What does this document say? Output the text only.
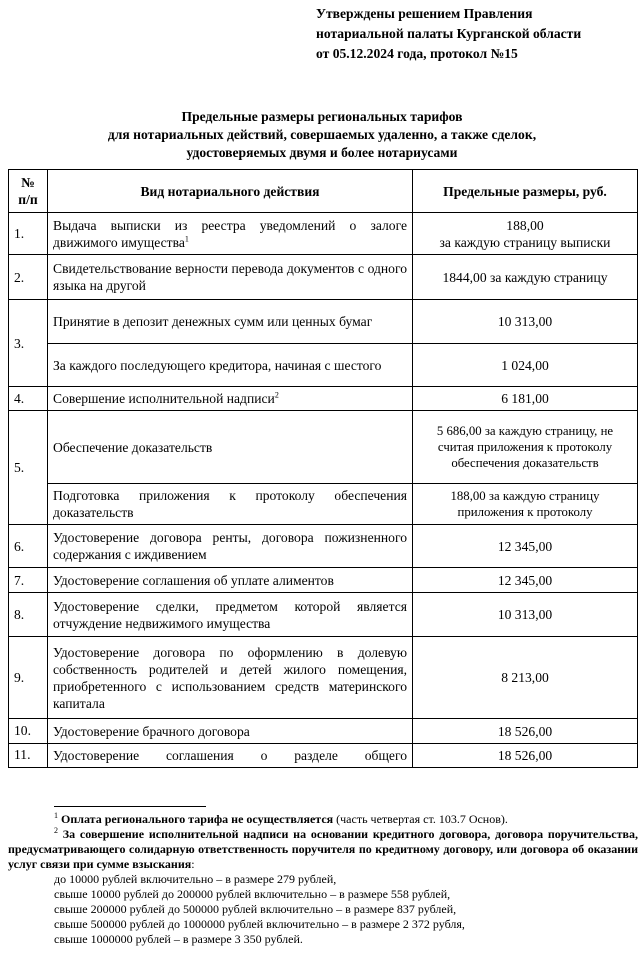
Утверждены решением Правления
нотариальной палаты Курганской области
от 05.12.2024 года, протокол №15
Предельные размеры региональных тарифов
для нотариальных действий, совершаемых удаленно, а также сделок,
удостоверяемых двумя и более нотариусами
№
п/п	Вид нотариального действия	Предельные размеры, руб.
1.	Выдача выписки из реестра уведомлений о залоге движимого имущества$^1$	188,00
за каждую страницу выписки
2.	Свидетельствование верности перевода документов с одного языка на другой	1844,00 за каждую страницу
3.	Принятие в депозит денежных сумм или ценных бумаг	10 313,00
	За каждого последующего кредитора, начиная с шестого	1 024,00
4.	Совершение исполнительной надписи$^2$	6 181,00
5.	Обеспечение доказательств	5 686,00 за каждую страницу, не считая приложения к протоколу обеспечения доказательств
	Подготовка приложения к протоколу обеспечения доказательств	188,00 за каждую страницу приложения к протоколу
6.	Удостоверение договора ренты, договора пожизненного содержания с иждивением	12 345,00
7.	Удостоверение соглашения об уплате алиментов	12 345,00
8.	Удостоверение сделки, предметом которой является отчуждение недвижимого имущества	10 313,00
9.	Удостоверение договора по оформлению в долевую собственность родителей и детей жилого помещения, приобретенного с использованием средств материнского капитала	8 213,00
10.	Удостоверение брачного договора	18 526,00
11.	Удостоверение соглашения о разделе общего	18 526,00
$^1$ Оплата регионального тарифа не осуществляется (часть четвертая ст. 103.7 Основ).
$^2$ За совершение исполнительной надписи на основании кредитного договора, договора поручительства, предусматривающего солидарную ответственность поручителя по кредитному договору, или договора об оказании услуг связи при сумме взыскания:
до 10000 рублей включительно – в размере 279 рублей,
свыше 10000 рублей до 200000 рублей включительно – в размере 558 рублей,
свыше 200000 рублей до 500000 рублей включительно – в размере 837 рублей,
свыше 500000 рублей до 1000000 рублей включительно – в размере 2 372 рубля,
свыше 1000000 рублей – в размере 3 350 рублей.
